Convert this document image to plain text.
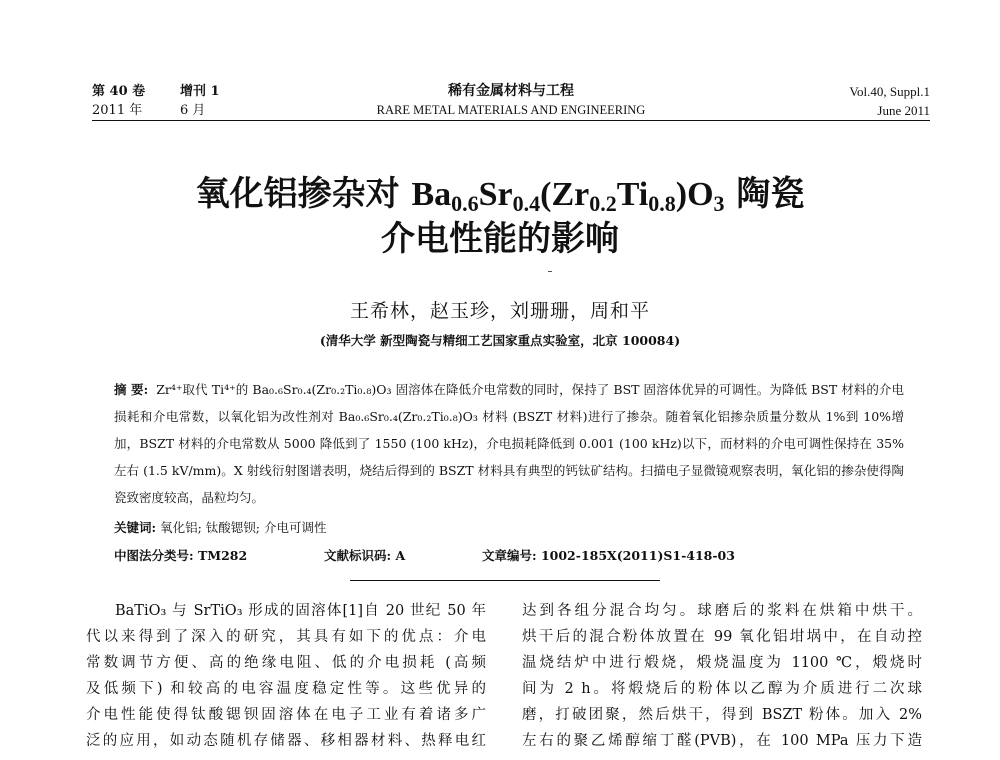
第 40 卷	增刊 1
2011 年	6 月
稀有金属材料与工程
RARE METAL MATERIALS AND ENGINEERING
Vol.40, Suppl.1
June 2011
氧化铝掺杂对 $Ba_{0.6}Sr_{0.4}(Zr_{0.2}Ti_{0.8})O_3$ 陶瓷
介电性能的影响
王希林，赵玉珍，刘珊珊，周和平
(清华大学 新型陶瓷与精细工艺国家重点实验室，北京 100084)
摘 要: Zr⁴⁺取代 Ti⁴⁺的 Ba₀.₆Sr₀.₄(Zr₀.₂Ti₀.₈)O₃ 固溶体在降低介电常数的同时，保持了 BST 固溶体优异的可调性。为降低 BST 材料的介电损耗和介电常数，以氧化铝为改性剂对 Ba₀.₆Sr₀.₄(Zr₀.₂Ti₀.₈)O₃ 材料 (BSZT 材料)进行了掺杂。随着氧化铝掺杂质量分数从 1%到 10%增加，BSZT 材料的介电常数从 5000 降低到了 1550 (100 kHz)，介电损耗降低到 0.001 (100 kHz)以下，而材料的介电可调性保持在 35%左右 (1.5 kV/mm)。X 射线衍射图谱表明，烧结后得到的 BSZT 材料具有典型的钙钛矿结构。扫描电子显微镜观察表明，氧化铝的掺杂使得陶瓷致密度较高，晶粒均匀。
关键词: 氧化铝; 钛酸锶钡; 介电可调性
中图法分类号: TM282	文献标识码: A	文章编号: 1002-185X(2011)S1-418-03

BaTiO₃ 与 SrTiO₃ 形成的固溶体[1]自 20 世纪 50 年

代以来得到了深入的研究，其具有如下的优点：介电

常数调节方便、高的绝缘电阻、低的介电损耗 (高频

及低频下) 和较高的电容温度稳定性等。这些优异的

介电性能使得钛酸锶钡固溶体在电子工业有着诸多广

泛的应用，如动态随机存储器、移相器材料、热释电红

达到各组分混合均匀。球磨后的浆料在烘箱中烘干。

烘干后的混合粉体放置在 99 氧化铝坩埚中，在自动控

温烧结炉中进行煅烧，煅烧温度为 1100 ℃，煅烧时

间为 2 h。将煅烧后的粉体以乙醇为介质进行二次球

磨，打破团聚，然后烘干，得到 BSZT 粉体。加入 2%

左右的聚乙烯醇缩丁醛(PVB)，在 100 MPa 压力下造
